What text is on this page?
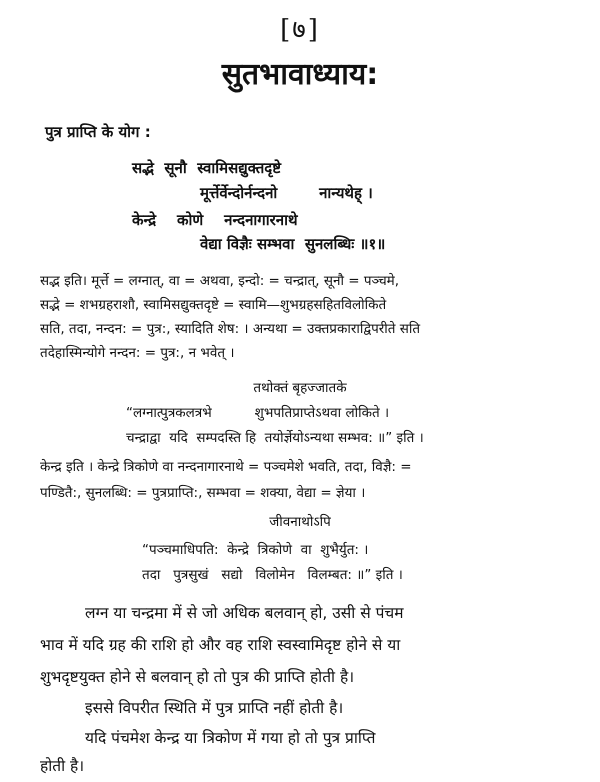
[७]
सुतभावाध्याय:
पुत्र प्राप्ति के योग :
सद्भे  सूनौ  स्वामिसद्युक्तदृष्टे
मूर्त्तेर्वेन्दोर्नन्दनो        नान्यथेह् ।
केन्द्रे    कोणे    नन्दनागारनाथे
वेद्या विज्ञैः सम्भवा  सुनलब्धिः ॥१॥
सद्भ इति। मूर्त्ते = लग्नात्, वा = अथवा, इन्दो: = चन्द्रात्, सूनौ = पञ्चमे,
सद्भे = शभग्रहराशौ, स्वामिसद्युक्तदृष्टे = स्वामि—शुभग्रहसहितविलोकिते
सति, तदा, नन्दन: = पुत्र:, स्यादिति शेष: । अन्यथा = उक्तप्रकाराद्विपरीते सति
तदेहास्मिन्योगे नन्दन: = पुत्र:, न भवेत् ।
तथोक्तं बृहज्जातके
“लग्नात्पुत्रकलत्रभे          शुभपतिप्राप्तेऽथवा लोकिते ।
चन्द्राद्वा  यदि  सम्पदस्ति हि  तयोर्ज्ञेयोऽन्यथा सम्भव: ॥” इति ।
केन्द्र इति । केन्द्रे त्रिकोणे वा नन्दनागारनाथे = पञ्चमेशे भवति, तदा, विज्ञै: =
पण्डितै:, सुनलब्धि: = पुत्रप्राप्ति:, सम्भवा = शक्या, वेद्या = ज्ञेया ।
जीवनाथोऽपि
“पञ्चमाधिपति:  केन्द्रे  त्रिकोणे  वा  शुभैर्युत: ।
तदा   पुत्रसुखं   सद्यो   विलोमेन   विलम्बत: ॥” इति ।
लग्न या चन्द्रमा में से जो अधिक बलवान् हो, उसी से पंचम
भाव में यदि ग्रह की राशि हो और वह राशि स्वस्वामिदृष्ट होने से या
शुभदृष्टयुक्त होने से बलवान् हो तो पुत्र की प्राप्ति होती है।
इससे विपरीत स्थिति में पुत्र प्राप्ति नहीं होती है।
यदि पंचमेश केन्द्र या त्रिकोण में गया हो तो पुत्र प्राप्ति
होती है।
